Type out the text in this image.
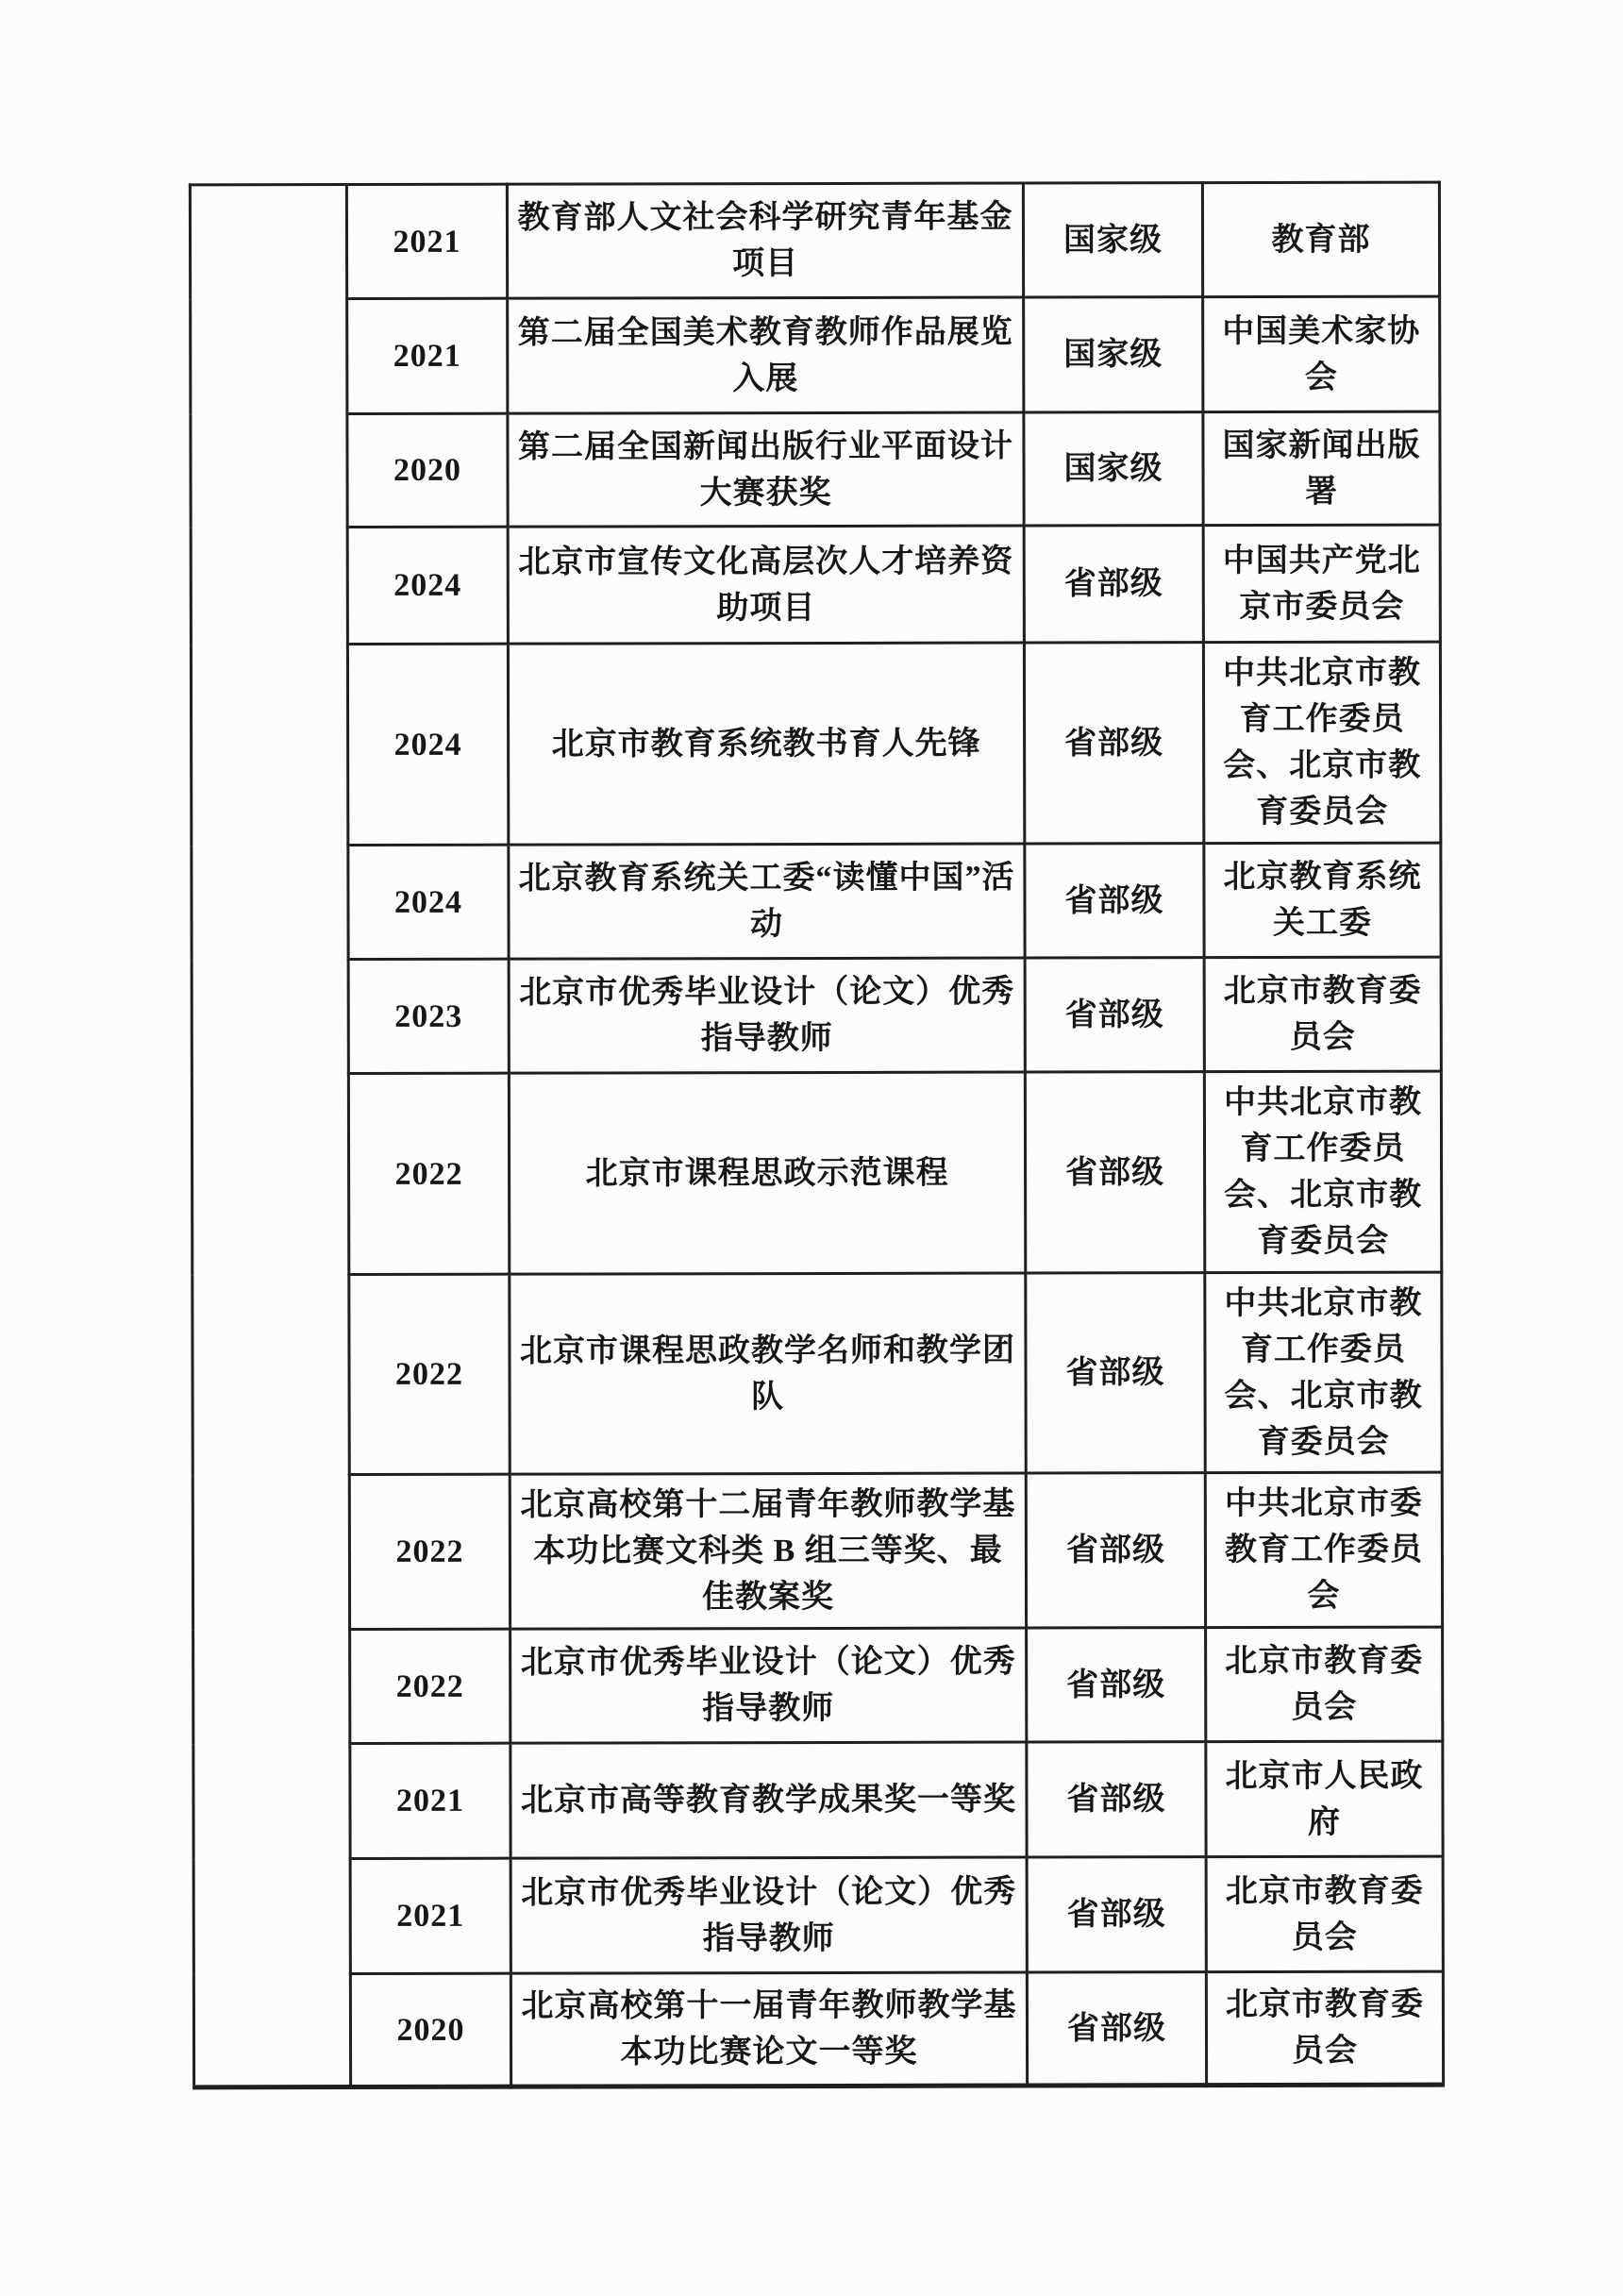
	2021	教育部人文社会科学研究青年基金项目	国家级	教育部
	2021	第二届全国美术教育教师作品展览入展	国家级	中国美术家协会
	2020	第二届全国新闻出版行业平面设计大赛获奖	国家级	国家新闻出版署
	2024	北京市宣传文化高层次人才培养资助项目	省部级	中国共产党北京市委员会
	2024	北京市教育系统教书育人先锋	省部级	中共北京市教育工作委员会、北京市教育委员会
	2024	北京教育系统关工委“读懂中国”活动	省部级	北京教育系统关工委
	2023	北京市优秀毕业设计（论文）优秀指导教师	省部级	北京市教育委员会
	2022	北京市课程思政示范课程	省部级	中共北京市教育工作委员会、北京市教育委员会
	2022	北京市课程思政教学名师和教学团队	省部级	中共北京市教育工作委员会、北京市教育委员会
	2022	北京高校第十二届青年教师教学基本功比赛文科类 B 组三等奖、最佳教案奖	省部级	中共北京市委教育工作委员会
	2022	北京市优秀毕业设计（论文）优秀指导教师	省部级	北京市教育委员会
	2021	北京市高等教育教学成果奖一等奖	省部级	北京市人民政府
	2021	北京市优秀毕业设计（论文）优秀指导教师	省部级	北京市教育委员会
	2020	北京高校第十一届青年教师教学基本功比赛论文一等奖	省部级	北京市教育委员会
